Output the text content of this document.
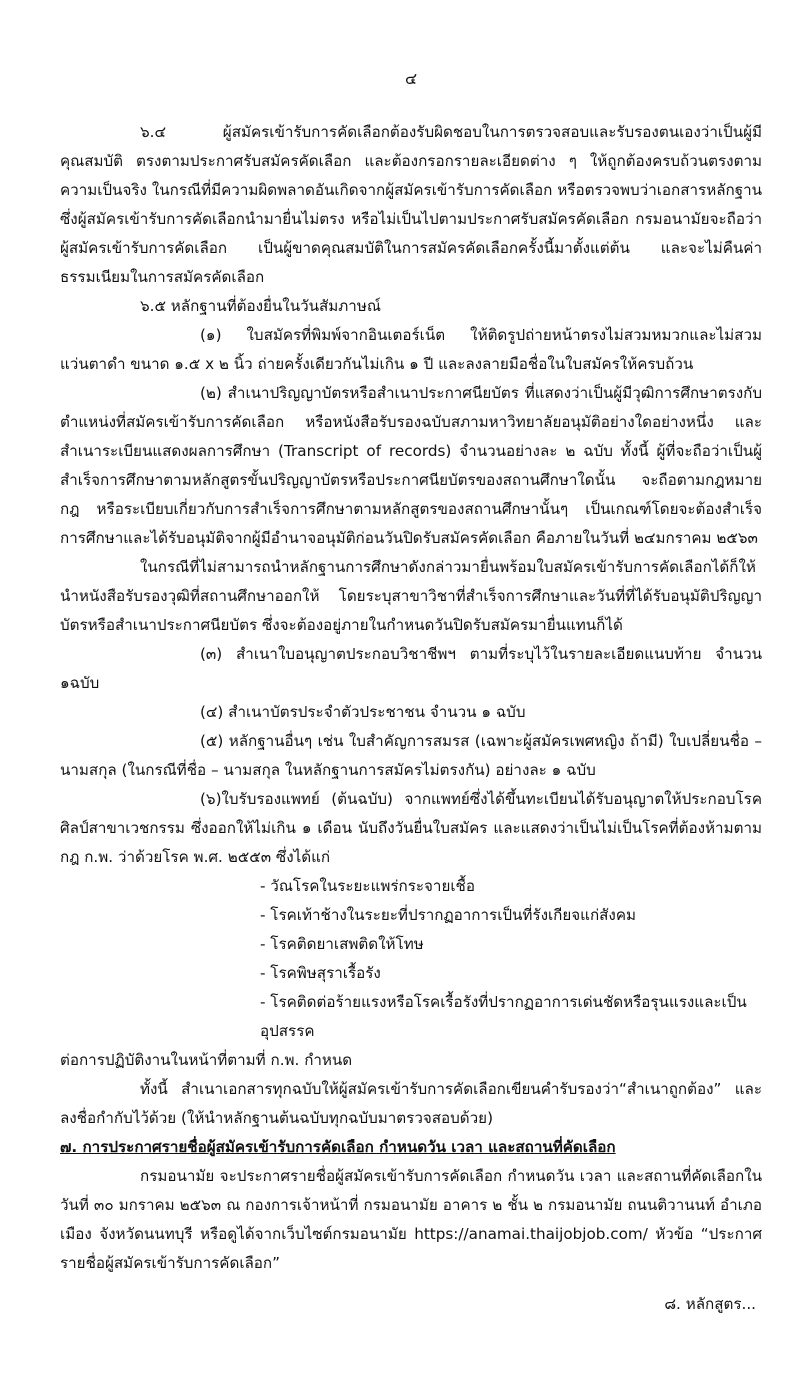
๔

๖.๔ ผู้สมัครเข้ารับการคัดเลือกต้องรับผิดชอบในการตรวจสอบและรับรองตนเองว่าเป็นผู้มีคุณสมบัติ ตรงตามประกาศรับสมัครคัดเลือก และต้องกรอกรายละเอียดต่าง ๆ ให้ถูกต้องครบถ้วนตรงตามความเป็นจริง ในกรณีที่มีความผิดพลาดอันเกิดจากผู้สมัครเข้ารับการคัดเลือก หรือตรวจพบว่าเอกสารหลักฐาน ซึ่งผู้สมัครเข้ารับการคัดเลือกนำมายื่นไม่ตรง หรือไม่เป็นไปตามประกาศรับสมัครคัดเลือก กรมอนามัยจะถือว่าผู้สมัครเข้ารับการคัดเลือก เป็นผู้ขาดคุณสมบัติในการสมัครคัดเลือกครั้งนี้มาตั้งแต่ต้น และจะไม่คืนค่าธรรมเนียมในการสมัครคัดเลือก

๖.๕ หลักฐานที่ต้องยื่นในวันสัมภาษณ์

(๑) ใบสมัครที่พิมพ์จากอินเตอร์เน็ต ให้ติดรูปถ่ายหน้าตรงไม่สวมหมวกและไม่สวมแว่นตาดำ ขนาด ๑.๕ x ๒ นิ้ว ถ่ายครั้งเดียวกันไม่เกิน ๑ ปี และลงลายมือชื่อในใบสมัครให้ครบถ้วน

(๒) สำเนาปริญญาบัตรหรือสำเนาประกาศนียบัตร ที่แสดงว่าเป็นผู้มีวุฒิการศึกษาตรงกับตำแหน่งที่สมัครเข้ารับการคัดเลือก หรือหนังสือรับรองฉบับสภามหาวิทยาลัยอนุมัติอย่างใดอย่างหนึ่ง และสำเนาระเบียนแสดงผลการศึกษา (Transcript of records) จำนวนอย่างละ ๒ ฉบับ ทั้งนี้ ผู้ที่จะถือว่าเป็นผู้สำเร็จการศึกษาตามหลักสูตรขั้นปริญญาบัตรหรือประกาศนียบัตรของสถานศึกษาใดนั้น จะถือตามกฎหมาย กฎ หรือระเบียบเกี่ยวกับการสำเร็จการศึกษาตามหลักสูตรของสถานศึกษานั้นๆ เป็นเกณฑ์โดยจะต้องสำเร็จการศึกษาและได้รับอนุมัติจากผู้มีอำนาจอนุมัติก่อนวันปิดรับสมัครคัดเลือก คือภายในวันที่ ๒๔มกราคม ๒๕๖๓

ในกรณีที่ไม่สามารถนำหลักฐานการศึกษาดังกล่าวมายื่นพร้อมใบสมัครเข้ารับการคัดเลือกได้ก็ให้นำหนังสือรับรองวุฒิที่สถานศึกษาออกให้ โดยระบุสาขาวิชาที่สำเร็จการศึกษาและวันที่ที่ได้รับอนุมัติปริญญาบัตรหรือสำเนาประกาศนียบัตร ซึ่งจะต้องอยู่ภายในกำหนดวันปิดรับสมัครมายื่นแทนก็ได้

(๓) สำเนาใบอนุญาตประกอบวิชาชีพฯ ตามที่ระบุไว้ในรายละเอียดแนบท้าย จำนวน ๑ฉบับ

(๔) สำเนาบัตรประจำตัวประชาชน จำนวน ๑ ฉบับ

(๕) หลักฐานอื่นๆ เช่น ใบสำคัญการสมรส (เฉพาะผู้สมัครเพศหญิง ถ้ามี) ใบเปลี่ยนชื่อ – นามสกุล (ในกรณีที่ชื่อ – นามสกุล ในหลักฐานการสมัครไม่ตรงกัน) อย่างละ ๑ ฉบับ

(๖)ใบรับรองแพทย์ (ต้นฉบับ) จากแพทย์ซึ่งได้ขึ้นทะเบียนได้รับอนุญาตให้ประกอบโรคศิลป์สาขาเวชกรรม ซึ่งออกให้ไม่เกิน ๑ เดือน นับถึงวันยื่นใบสมัคร และแสดงว่าเป็นไม่เป็นโรคที่ต้องห้ามตามกฎ ก.พ. ว่าด้วยโรค พ.ศ. ๒๕๕๓ ซึ่งได้แก่

- วัณโรคในระยะแพร่กระจายเชื้อ
- โรคเท้าช้างในระยะที่ปรากฏอาการเป็นที่รังเกียจแก่สังคม
- โรคติดยาเสพติดให้โทษ
- โรคพิษสุราเรื้อรัง
- โรคติดต่อร้ายแรงหรือโรคเรื้อรังที่ปรากฏอาการเด่นชัดหรือรุนแรงและเป็นอุปสรรค

ต่อการปฏิบัติงานในหน้าที่ตามที่ ก.พ. กำหนด

ทั้งนี้ สำเนาเอกสารทุกฉบับให้ผู้สมัครเข้ารับการคัดเลือกเขียนคำรับรองว่า“สำเนาถูกต้อง” และลงชื่อกำกับไว้ด้วย (ให้นำหลักฐานต้นฉบับทุกฉบับมาตรวจสอบด้วย)

๗. การประกาศรายชื่อผู้สมัครเข้ารับการคัดเลือก กำหนดวัน เวลา และสถานที่คัดเลือก

กรมอนามัย จะประกาศรายชื่อผู้สมัครเข้ารับการคัดเลือก กำหนดวัน เวลา และสถานที่คัดเลือกในวันที่ ๓๐ มกราคม ๒๕๖๓ ณ กองการเจ้าหน้าที่ กรมอนามัย อาคาร ๒ ชั้น ๒ กรมอนามัย ถนนติวานนท์ อำเภอเมือง จังหวัดนนทบุรี หรือดูได้จากเว็บไซต์กรมอนามัย https://anamai.thaijobjob.com/ หัวข้อ “ประกาศรายชื่อผู้สมัครเข้ารับการคัดเลือก”

๘. หลักสูตร...
